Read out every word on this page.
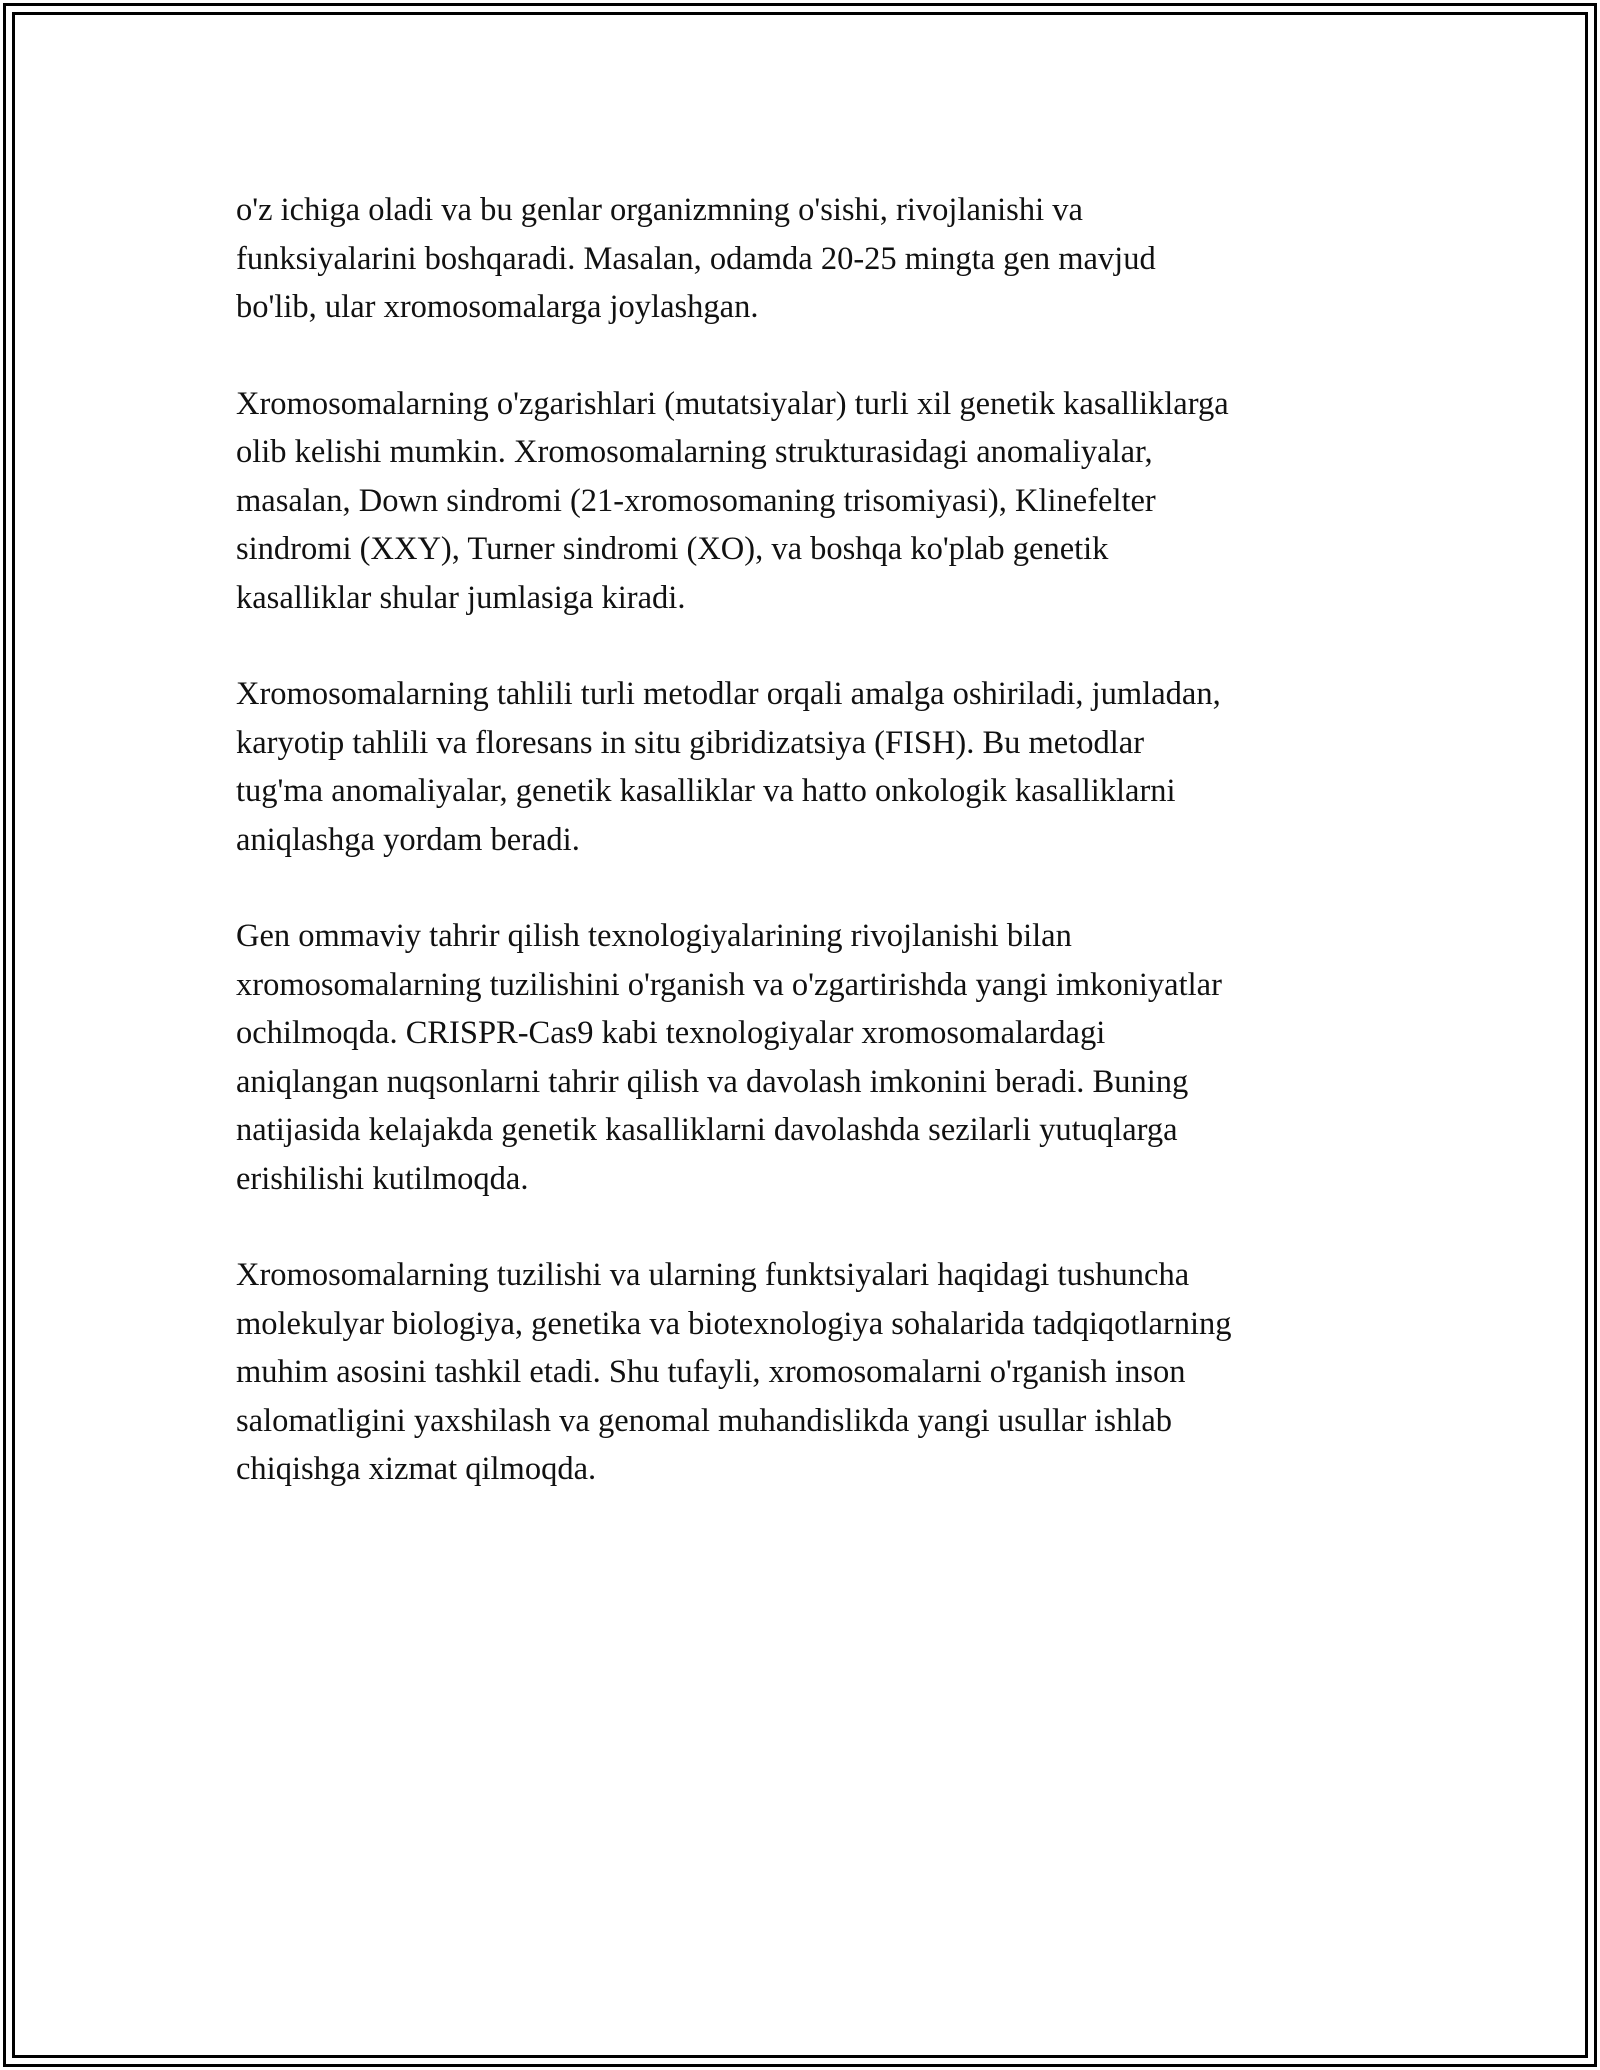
o'z ichiga oladi va bu genlar organizmning o'sishi, rivojlanishi va
funksiyalarini boshqaradi. Masalan, odamda 20-25 mingta gen mavjud
bo'lib, ular xromosomalarga joylashgan.

Xromosomalarning o'zgarishlari (mutatsiyalar) turli xil genetik kasalliklarga
olib kelishi mumkin. Xromosomalarning strukturasidagi anomaliyalar,
masalan, Down sindromi (21-xromosomaning trisomiyasi), Klinefelter
sindromi (XXY), Turner sindromi (XO), va boshqa ko'plab genetik
kasalliklar shular jumlasiga kiradi.

Xromosomalarning tahlili turli metodlar orqali amalga oshiriladi, jumladan,
karyotip tahlili va floresans in situ gibridizatsiya (FISH). Bu metodlar
tug'ma anomaliyalar, genetik kasalliklar va hatto onkologik kasalliklarni
aniqlashga yordam beradi.

Gen ommaviy tahrir qilish texnologiyalarining rivojlanishi bilan
xromosomalarning tuzilishini o'rganish va o'zgartirishda yangi imkoniyatlar
ochilmoqda. CRISPR-Cas9 kabi texnologiyalar xromosomalardagi
aniqlangan nuqsonlarni tahrir qilish va davolash imkonini beradi. Buning
natijasida kelajakda genetik kasalliklarni davolashda sezilarli yutuqlarga
erishilishi kutilmoqda.

Xromosomalarning tuzilishi va ularning funktsiyalari haqidagi tushuncha
molekulyar biologiya, genetika va biotexnologiya sohalarida tadqiqotlarning
muhim asosini tashkil etadi. Shu tufayli, xromosomalarni o'rganish inson
salomatligini yaxshilash va genomal muhandislikda yangi usullar ishlab
chiqishga xizmat qilmoqda.
